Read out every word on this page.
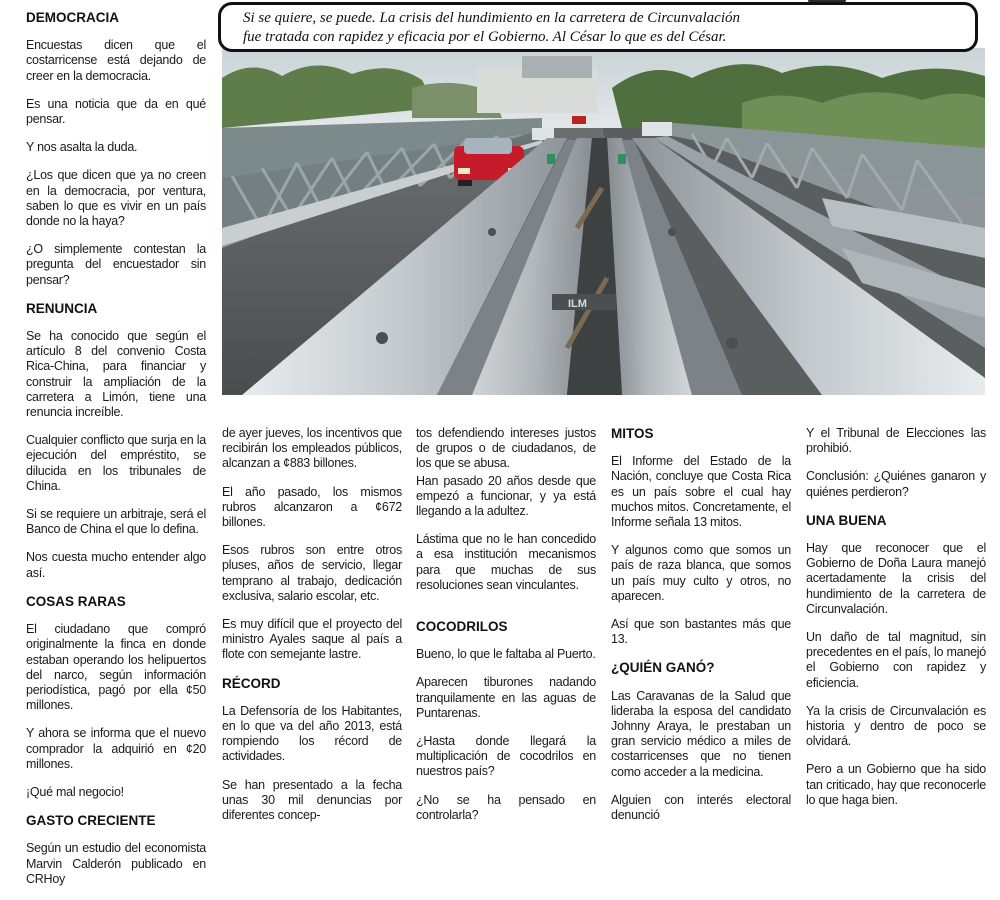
ILM
Si se quiere, se puede. La crisis del hundimiento en la carretera de Circunvalación
fue tratada con rapidez y eficacia por el Gobierno. Al César lo que es del César.
DEMOCRACIA

Encuestas dicen que el costarricense está dejando de creer en la democracia.

Es una noticia que da en qué pensar.

Y nos asalta la duda.

¿Los que dicen que ya no creen en la democracia, por ventura, saben lo que es vivir en un país donde no la haya?

¿O simplemente contestan la pregunta del encuestador sin pensar?

RENUNCIA

Se ha conocido que según el artículo 8 del convenio Costa Rica-China, para financiar y construir la ampliación de la carretera a Limón, tiene una renuncia increíble.

Cualquier conflicto que surja en la ejecución del empréstito, se dilucida en los tribunales de China.

Si se requiere un arbitraje, será el Banco de China el que lo defina.

Nos cuesta mucho entender algo así.

COSAS RARAS

El ciudadano que compró originalmente la finca en donde estaban operando los helipuertos del narco, según información periodística, pagó por ella ¢50 millones.

Y ahora se informa que el nuevo comprador la adquirió en ¢20 millones.

¡Qué mal negocio!

GASTO CRECIENTE

Según un estudio del economista Marvin Calderón publicado en CRHoy

de ayer jueves, los incentivos que recibirán los empleados públicos, alcanzan a ¢883 billones.

El año pasado, los mismos rubros alcanzaron a ¢672 billones.

Esos rubros son entre otros pluses, años de servicio, llegar temprano al trabajo, dedicación exclusiva, salario escolar, etc.

Es muy difícil que el proyecto del ministro Ayales saque al país a flote con semejante lastre.

RÉCORD

La Defensoría de los Habitantes, en lo que va del año 2013, está rompiendo los récord de actividades.

Se han presentado a la fecha unas 30 mil denuncias por diferentes concep-

tos defendiendo intereses justos de grupos o de ciudadanos, de los que se abusa.

Han pasado 20 años desde que empezó a funcionar, y ya está llegando a la adultez.

Lástima que no le han concedido a esa institución mecanismos para que muchas de sus resoluciones sean vinculantes.

COCODRILOS

Bueno, lo que le faltaba al Puerto.

Aparecen tiburones nadando tranquilamente en las aguas de Puntarenas.

¿Hasta donde llegará la multiplicación de cocodrilos en nuestros país?

¿No se ha pensado en controlarla?

MITOS

El Informe del Estado de la Nación, concluye que Costa Rica es un país sobre el cual hay muchos mitos. Concretamente, el Informe señala 13 mitos.

Y algunos como que somos un país de raza blanca, que somos un país muy culto y otros, no aparecen.

Así que son bastantes más que 13.

¿QUIÉN GANÓ?

Las Caravanas de la Salud que lideraba la esposa del candidato Johnny Araya, le prestaban un gran servicio médico a miles de costarricenses que no tienen como acceder a la medicina.

Alguien con interés electoral denunció

Y el Tribunal de Elecciones las prohibió.

Conclusión: ¿Quiénes ganaron y quiénes perdieron?

UNA BUENA

Hay que reconocer que el Gobierno de Doña Laura manejó acertadamente la crisis del hundimiento de la carretera de Circunvalación.

Un daño de tal magnitud, sin precedentes en el país, lo manejó el Gobierno con rapidez y eficiencia.

Ya la crisis de Circunvalación es historia y dentro de poco se olvidará.

Pero a un Gobierno que ha sido tan criticado, hay que reconocerle lo que haga bien.
